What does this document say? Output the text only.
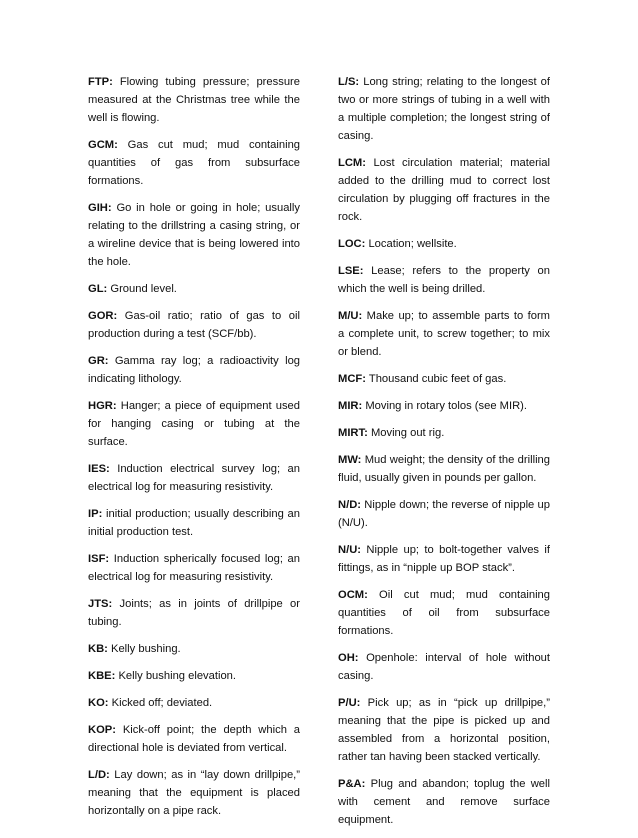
FTP: Flowing tubing pressure; pressure measured at the Christmas tree while the well is flowing.

GCM: Gas cut mud; mud containing quantities of gas from subsurface formations.

GIH: Go in hole or going in hole; usually relating to the drillstring a casing string, or a wireline device that is being lowered into the hole.

GL: Ground level.

GOR: Gas-oil ratio; ratio of gas to oil production during a test (SCF/bb).

GR: Gamma ray log; a radioactivity log indicating lithology.

HGR: Hanger; a piece of equipment used for hanging casing or tubing at the surface.

IES: Induction electrical survey log; an electrical log for measuring resistivity.

IP: initial production; usually describing an initial production test.

ISF: Induction spherically focused log; an electrical log for measuring resistivity.

JTS: Joints; as in joints of drillpipe or tubing.

KB: Kelly bushing.

KBE: Kelly bushing elevation.

KO: Kicked off; deviated.

KOP: Kick-off point; the depth which a directional hole is deviated from vertical.

L/D: Lay down; as in “lay down drillpipe,” meaning that the equipment is placed horizontally on a pipe rack.

L/S: Long string; relating to the longest of two or more strings of tubing in a well with a multiple completion; the longest string of casing.

LCM: Lost circulation material; material added to the drilling mud to correct lost circulation by plugging off fractures in the rock.

LOC: Location; wellsite.

LSE: Lease; refers to the property on which the well is being drilled.

M/U: Make up; to assemble parts to form a complete unit, to screw together; to mix or blend.

MCF: Thousand cubic feet of gas.

MIR: Moving in rotary tolos (see MIR).

MIRT: Moving out rig.

MW: Mud weight; the density of the drilling fluid, usually given in pounds per gallon.

N/D: Nipple down; the reverse of nipple up (N/U).

N/U: Nipple up; to bolt-together valves if fittings, as in “nipple up BOP stack”.

OCM: Oil cut mud; mud containing quantities of oil from subsurface formations.

OH: Openhole: interval of hole without casing.

P/U: Pick up; as in “pick up drillpipe,” meaning that the pipe is picked up and assembled from a horizontal position, rather tan having been stacked vertically.

P&A: Plug and abandon; toplug the well with cement and remove surface equipment.
